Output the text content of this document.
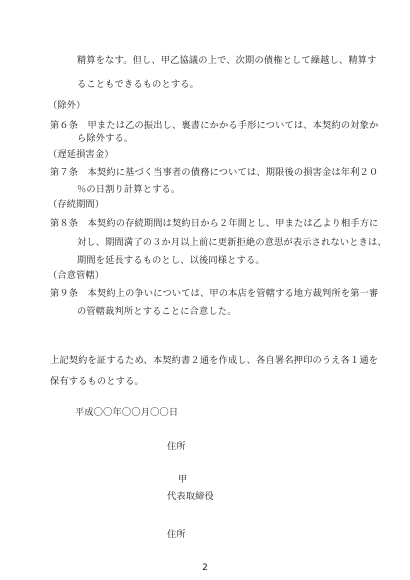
精算をなす。但し、甲乙協議の上で、次期の債権として繰越し、精算す
ることもできるものとする。
（除外）
第６条　甲または乙の振出し、裏書にかかる手形については、本契約の対象か
ら除外する。
（遅延損害金）
第７条　本契約に基づく当事者の債務については、期限後の損害金は年利２０
％の日割り計算とする。
（存続期間）
第８条　本契約の存続期間は契約日から２年間とし、甲または乙より相手方に
対し、期間満了の３か月以上前に更新拒絶の意思が表示されないときは、
期間を延長するものとし、以後同様とする。
（合意管轄）
第９条　本契約上の争いについては、甲の本店を管轄する地方裁判所を第一審
の管轄裁判所とすることに合意した。
上記契約を証するため、本契約書２通を作成し、各自署名押印のうえ各１通を
保有するものとする。
平成〇〇年〇〇月〇〇日
住所
甲
代表取締役
住所
2
